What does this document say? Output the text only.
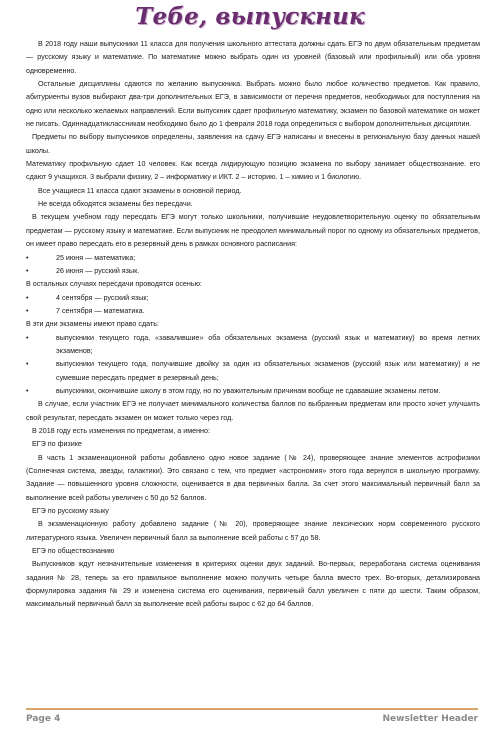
Тебе, выпускник

В 2018 году наши выпускники 11 класса для получения школьного аттестата должны сдать ЕГЭ по двум обязательным предметам — русскому языку и математике. По математике можно выбрать один из уровней (базовый или профильный) или оба уровня одновременно.

Остальные дисциплины сдаются по желанию выпускника. Выбрать можно было любое количество предметов. Как правило, абитуриенты вузов выбирают два-три дополнительных ЕГЭ, в зависимости от перечня предметов, необходимых для поступления на одно или несколько желаемых направлений. Если выпускник сдает профильную математику, экзамен по базовой математике он может не писать. Одиннадцатиклассникам необходимо было до 1 февраля 2018 года определиться с выбором дополнительных дисциплин.

Предметы по выбору выпускников определены, заявления на сдачу ЕГЭ написаны и внесены в региональную базу данных нашей школы.

Математику профильную сдает 10 человек. Как всегда лидирующую позицию экзамена по выбору занимает обществознание. его сдают 9 учащихся. 3 выбрали физику, 2 – информатику и ИКТ. 2 – историю. 1 – химию и 1 биологию.

Все учащиеся 11 класса сдают экзамены в основной период.

Не всегда обходятся экзамены без пересдачи.

В текущем учебном году пересдать ЕГЭ могут только школьники, получившие неудовлетворительную оценку по обязательным предметам — русскому языку и математике. Если выпускник не преодолел минимальный порог по одному из обязательных предметов, он имеет право пересдать его в резервный день в рамках основного расписания:

•	25 июня — математика;
•	26 июня — русский язык.

В остальных случаях пересдачи проводятся осенью:

•	4 сентября — русский язык;
•	7 сентября — математика.

В эти дни экзамены имеют право сдать:

•	выпускники текущего года, «завалившие» оба обязательных экзамена (русский язык и математику) во время летних экзаменов;
•	выпускники текущего года, получившие двойку за один из обязательных экзаменов (русский язык или математику) и не сумевшие пересдать предмет в резервный день;
•	выпускники, окончившие школу в этом году, но по уважительным причинам вообще не сдававшие экзамены летом.

В случае, если участник ЕГЭ не получает минимального количества баллов по выбранным предметам или просто хочет улучшить свой результат, пересдать экзамен он может только через год.

В 2018 году есть изменения по предметам, а именно:

ЕГЭ по физике

В часть 1 экзаменационной работы добавлено одно новое задание (№ 24), проверяющее знание элементов астрофизики (Солнечная система, звезды, галактики). Это связано с тем, что предмет «астрономия» этого года вернулся в школьную программу. Задание — повышенного уровня сложности, оценивается в два первичных балла. За счет этого максимальный первичный балл за выполнение всей работы увеличен с 50 до 52 баллов.

ЕГЭ по русскому языку

В экзаменационную работу добавлено задание (№ 20), проверяющее знание лексических норм современного русского литературного языка. Увеличен первичный балл за выполнение всей работы с 57 до 58.

ЕГЭ по обществознанию

Выпускников ждут незначительные изменения в критериях оценки двух заданий. Во-первых, переработана система оценивания задания № 28, теперь за его правильное выполнение можно получить четыре балла вместо трех. Во-вторых, детализирована формулировка задания № 29 и изменена система его оценивания, первичный балл увеличен с пяти до шести. Таким образом, максимальный первичный балл за выполнение всей работы вырос с 62 до 64 баллов.

Page 4	Newsletter Header
